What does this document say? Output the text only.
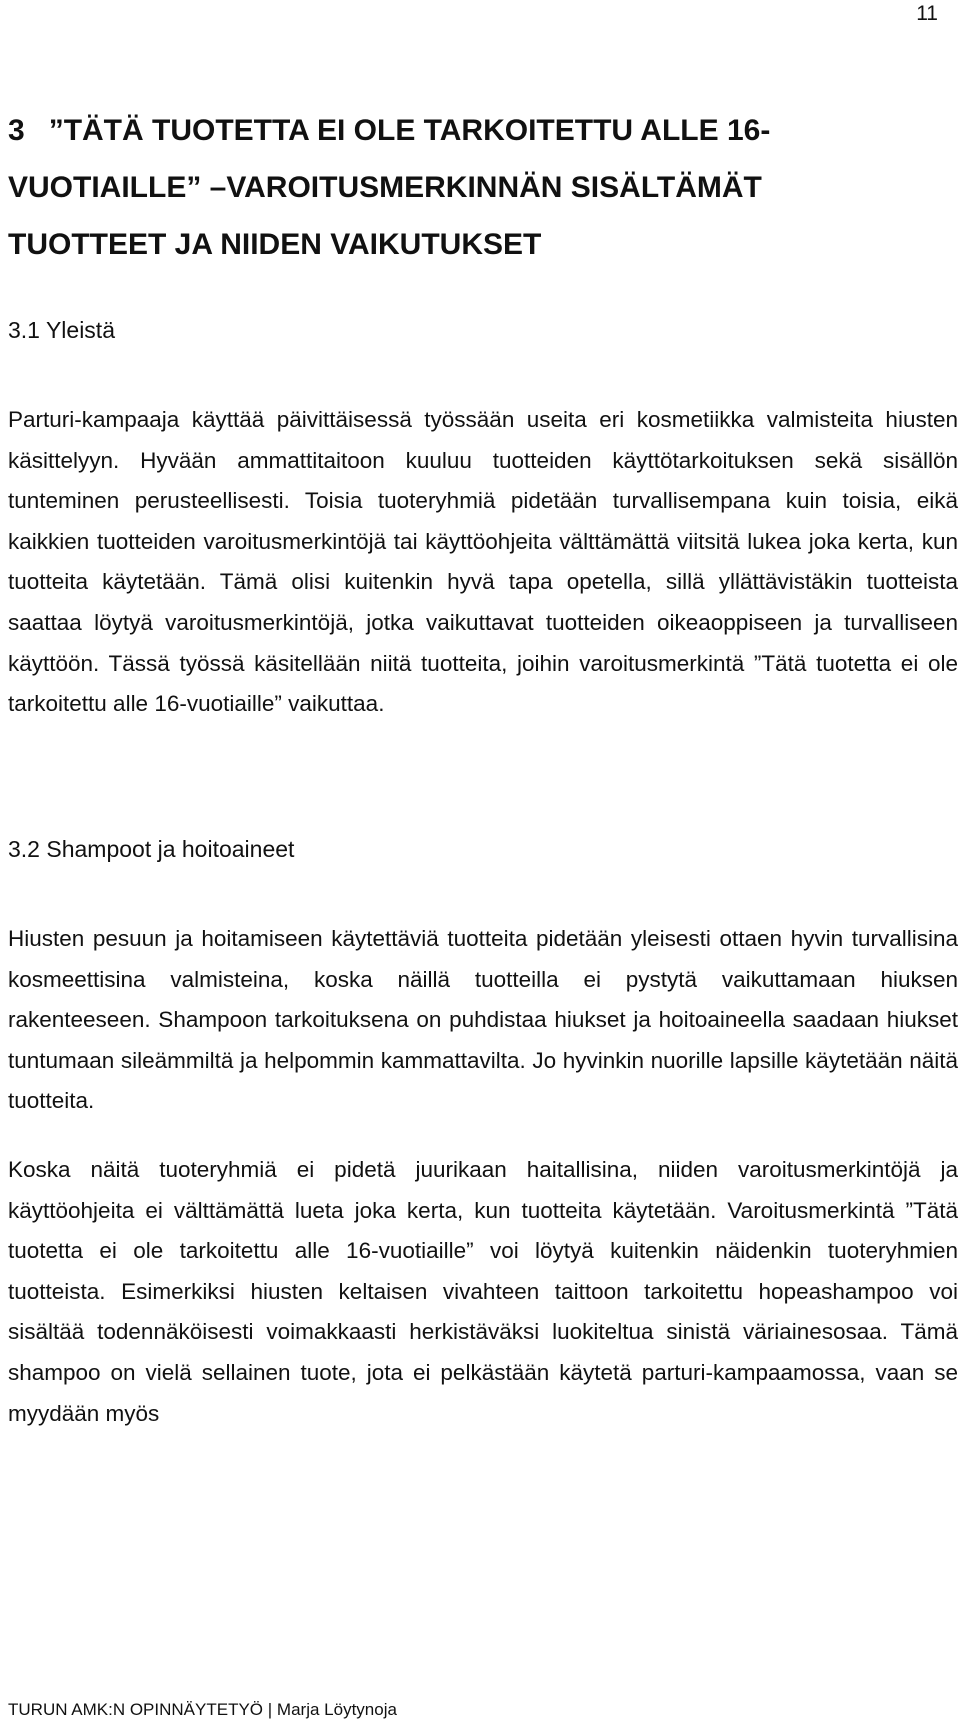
11
3 ”TÄTÄ TUOTETTA EI OLE TARKOITETTU ALLE 16-VUOTIAILLE” –VAROITUSMERKINNÄN SISÄLTÄMÄT TUOTTEET JA NIIDEN VAIKUTUKSET
3.1 Yleistä

Parturi-kampaaja käyttää päivittäisessä työssään useita eri kosmetiikka valmisteita hiusten käsittelyyn. Hyvään ammattitaitoon kuuluu tuotteiden käyttötarkoituksen sekä sisällön tunteminen perusteellisesti. Toisia tuoteryhmiä pidetään turvallisempana kuin toisia, eikä kaikkien tuotteiden varoitusmerkintöjä tai käyttöohjeita välttämättä viitsitä lukea joka kerta, kun tuotteita käytetään. Tämä olisi kuitenkin hyvä tapa opetella, sillä yllättävistäkin tuotteista saattaa löytyä varoitusmerkintöjä, jotka vaikuttavat tuotteiden oikeaoppiseen ja turvalliseen käyttöön. Tässä työssä käsitellään niitä tuotteita, joihin varoitusmerkintä ”Tätä tuotetta ei ole tarkoitettu alle 16-vuotiaille” vaikuttaa.

3.2 Shampoot ja hoitoaineet

Hiusten pesuun ja hoitamiseen käytettäviä tuotteita pidetään yleisesti ottaen hyvin turvallisina kosmeettisina valmisteina, koska näillä tuotteilla ei pystytä vaikuttamaan hiuksen rakenteeseen. Shampoon tarkoituksena on puhdistaa hiukset ja hoitoaineella saadaan hiukset tuntumaan sileämmiltä ja helpommin kammattavilta. Jo hyvinkin nuorille lapsille käytetään näitä tuotteita.

Koska näitä tuoteryhmiä ei pidetä juurikaan haitallisina, niiden varoitusmerkintöjä ja käyttöohjeita ei välttämättä lueta joka kerta, kun tuotteita käytetään. Varoitusmerkintä ”Tätä tuotetta ei ole tarkoitettu alle 16-vuotiaille” voi löytyä kuitenkin näidenkin tuoteryhmien tuotteista. Esimerkiksi hiusten keltaisen vivahteen taittoon tarkoitettu hopeashampoo voi sisältää todennäköisesti voimakkaasti herkistäväksi luokiteltua sinistä väriainesosaa. Tämä shampoo on vielä sellainen tuote, jota ei pelkästään käytetä parturi-kampaamossa, vaan se myydään myös

TURUN AMK:N OPINNÄYTETYÖ | Marja Löytynoja
